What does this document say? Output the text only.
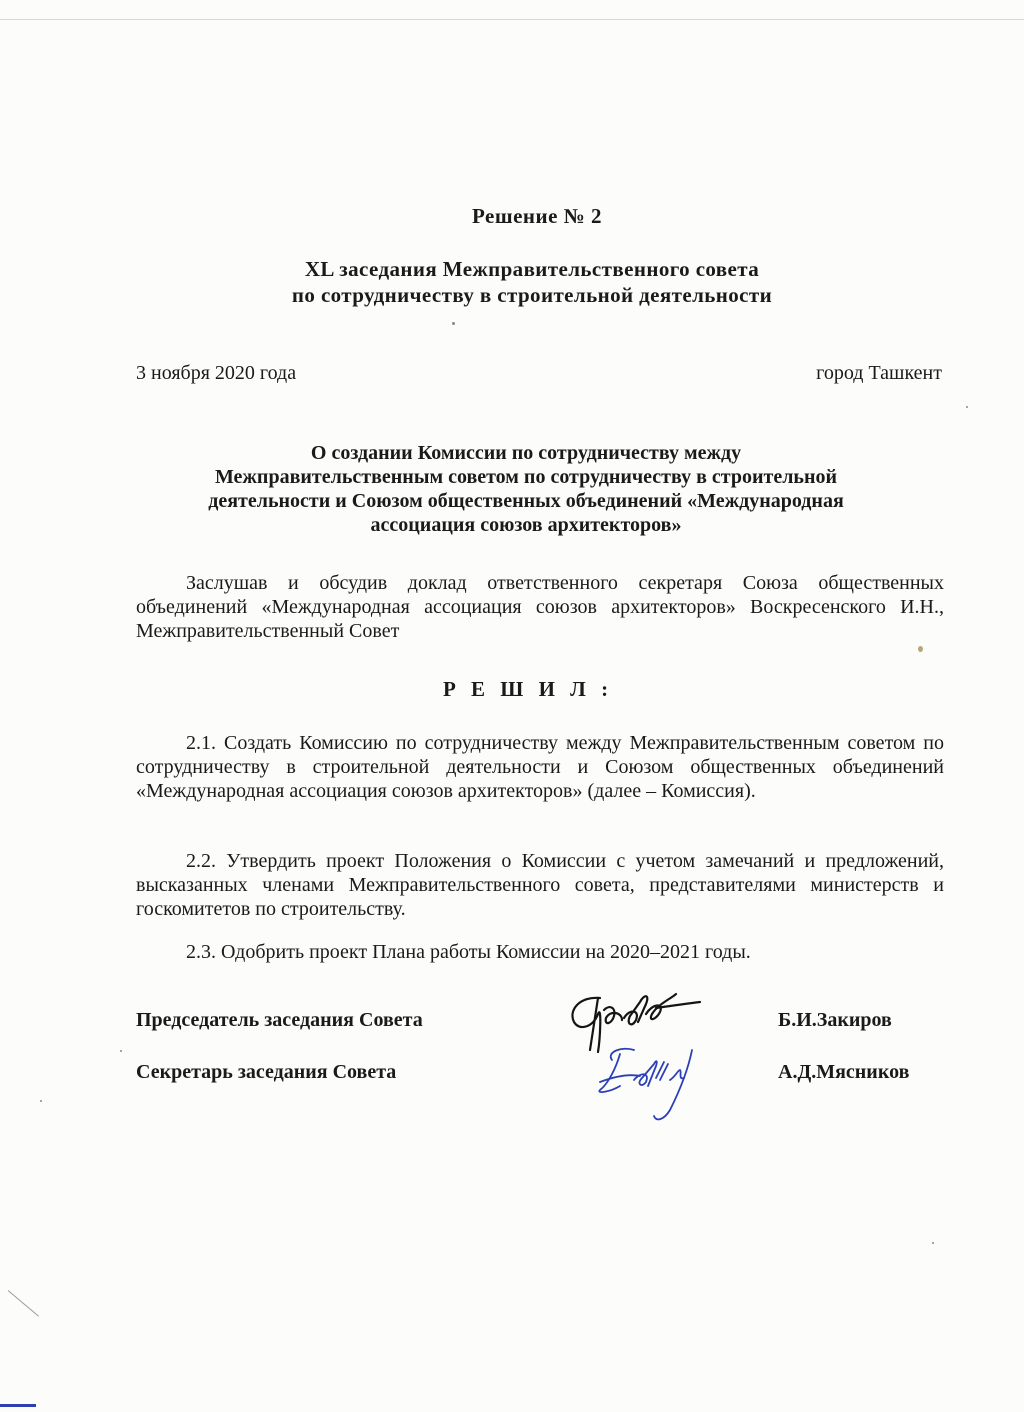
Решение № 2
XL заседания Межправительственного совета
по сотрудничеству в строительной деятельности
3 ноября 2020 года	город Ташкент
О создании Комиссии по сотрудничеству между
Межправительственным советом по сотрудничеству в строительной
деятельности и Союзом общественных объединений «Международная
ассоциация союзов архитекторов»
Заслушав и обсудив доклад ответственного секретаря Союза общественных объединений «Международная ассоциация союзов архитекторов» Воскресенского И.Н., Межправительственный Совет
Р Е Ш И Л :
2.1. Создать Комиссию по сотрудничеству между Межправительственным советом по сотрудничеству в строительной деятельности и Союзом общественных объединений «Международная ассоциация союзов архитекторов» (далее – Комиссия).
2.2. Утвердить проект Положения о Комиссии с учетом замечаний и предложений, высказанных членами Межправительственного совета, представителями министерств и госкомитетов по строительству.
2.3. Одобрить проект Плана работы Комиссии на 2020–2021 годы.
Председатель заседания Совета	Б.И.Закиров
Секретарь заседания Совета	А.Д.Мясников
